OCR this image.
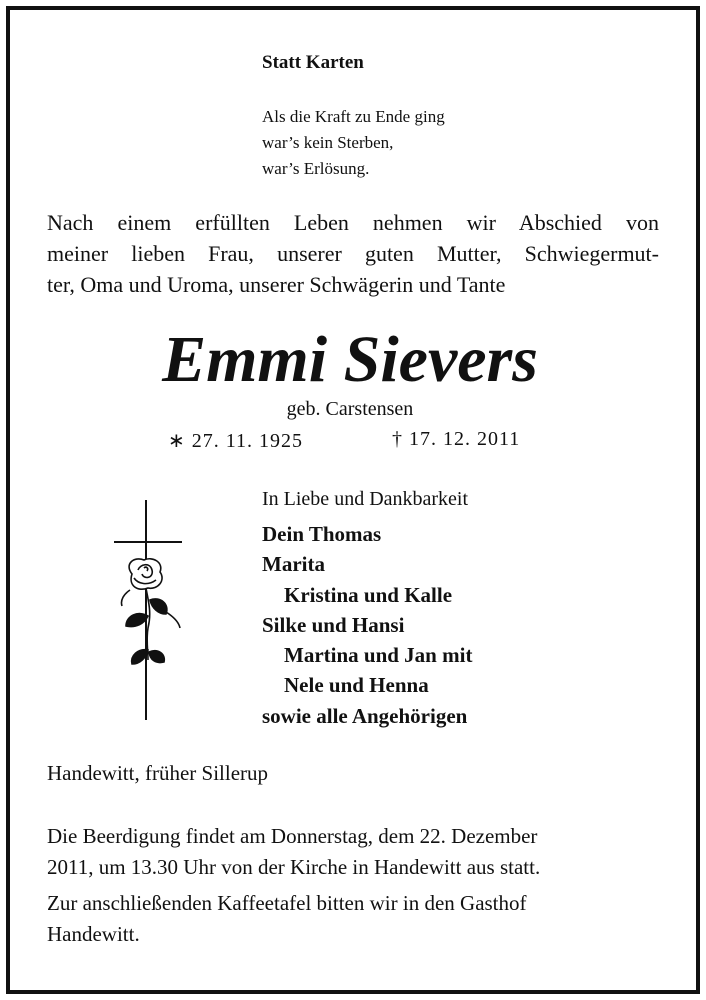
Statt Karten

Als die Kraft zu Ende ging
war’s kein Sterben,
war’s Erlösung.
Nach einem erfüllten Leben nehmen wir Abschied von
meiner lieben Frau, unserer guten Mutter, Schwiegermut-
ter, Oma und Uroma, unserer Schwägerin und Tante

Emmi Sievers

geb. Carstensen

∗ 27. 11. 1925	† 17. 12. 2011

In Liebe und Dankbarkeit

Dein Thomas
Marita
Kristina und Kalle
Silke und Hansi
Martina und Jan mit
Nele und Henna
sowie alle Angehörigen

Handewitt, früher Sillerup

Die Beerdigung findet am Donnerstag, dem 22. Dezember
2011, um 13.30 Uhr von der Kirche in Handewitt aus statt.
Zur anschließenden Kaffeetafel bitten wir in den Gasthof
Handewitt.
